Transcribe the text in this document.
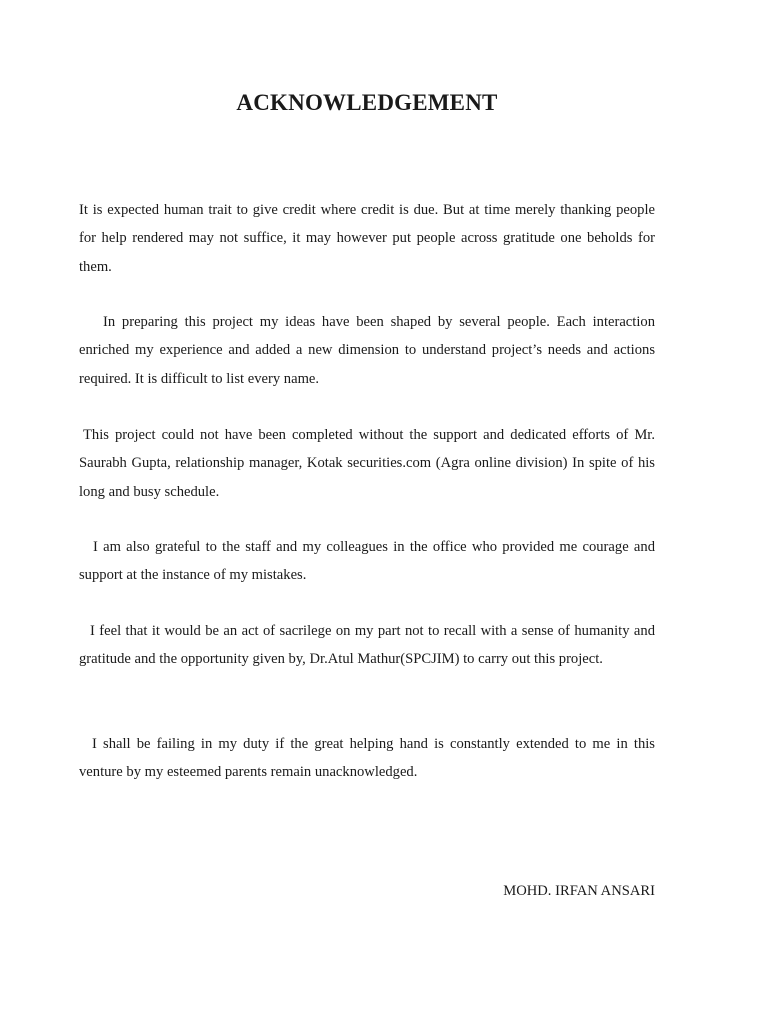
ACKNOWLEDGEMENT

It is expected human trait to give credit where credit is due. But at time merely thanking people for help rendered may not suffice, it may however put people across gratitude one beholds for them.

In preparing this project my ideas have been shaped by several people. Each interaction enriched my experience and added a new dimension to understand project’s needs and actions required. It is difficult to list every name.

This project could not have been completed without the support and dedicated efforts of Mr. Saurabh Gupta, relationship manager, Kotak securities.com (Agra online division) In spite of his long and busy schedule.

I am also grateful to the staff and my colleagues in the office who provided me courage and support at the instance of my mistakes.

I feel that it would be an act of sacrilege on my part not to recall with a sense of humanity and gratitude and the opportunity given by, Dr.Atul Mathur(SPCJIM) to carry out this project.

I shall be failing in my duty if the great helping hand is constantly extended to me in this venture by my esteemed parents remain unacknowledged.

MOHD. IRFAN ANSARI
